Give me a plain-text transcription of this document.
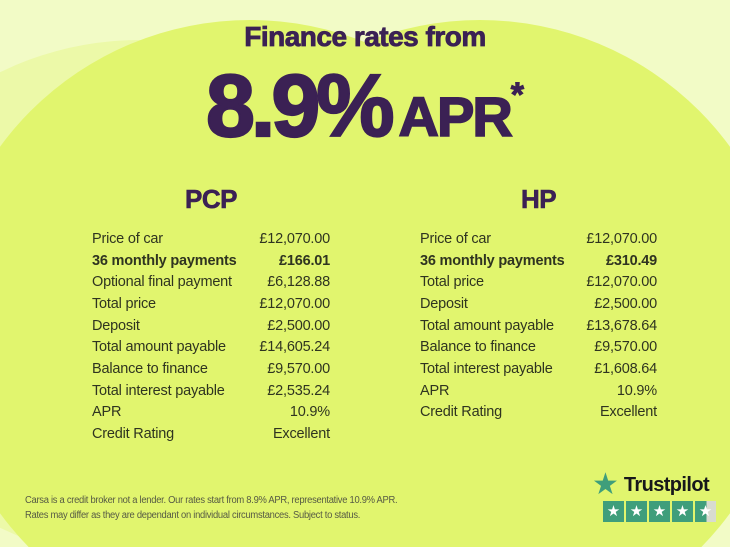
Finance rates from
8.9% APR *
PCP
Price of car	£12,070.00
36 monthly payments	£166.01
Optional final payment £6,128.88
Total price	£12,070.00
Deposit	£2,500.00
Total amount payable £14,605.24
Balance to finance	£9,570.00
Total interest payable	£2,535.24
APR	10.9%
Credit Rating	Excellent
HP
Price of car	£12,070.00
36 monthly payments	£310.49
Total price	£12,070.00
Deposit	£2,500.00
Total amount payable £13,678.64
Balance to finance	£9,570.00
Total interest payable	£1,608.64
APR	10.9%
Credit Rating	Excellent
Carsa is a credit broker not a lender. Our rates start from 8.9% APR, representative 10.9% APR.
Rates may differ as they are dependant on individual circumstances. Subject to status.
★ Trustpilot
★ ★ ★ ★ ★
